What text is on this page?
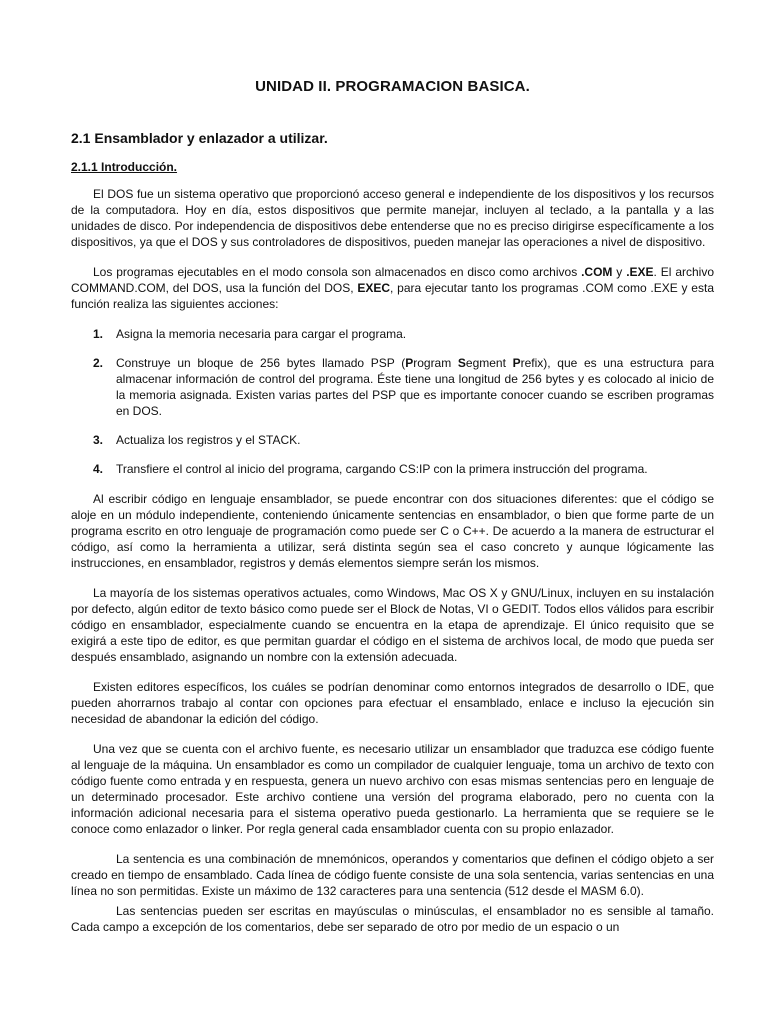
UNIDAD II. PROGRAMACION BASICA.
2.1 Ensamblador y enlazador a utilizar.
2.1.1 Introducción.

El DOS fue un sistema operativo que proporcionó acceso general e independiente de los dispositivos y los recursos de la computadora. Hoy en día, estos dispositivos que permite manejar, incluyen al teclado, a la pantalla y a las unidades de disco. Por independencia de dispositivos debe entenderse que no es preciso dirigirse específicamente a los dispositivos, ya que el DOS y sus controladores de dispositivos, pueden manejar las operaciones a nivel de dispositivo.

Los programas ejecutables en el modo consola son almacenados en disco como archivos .COM y .EXE. El archivo COMMAND.COM, del DOS, usa la función del DOS, EXEC, para ejecutar tanto los programas .COM como .EXE y esta función realiza las siguientes acciones:

1. Asigna la memoria necesaria para cargar el programa.
2. Construye un bloque de 256 bytes llamado PSP (Program Segment Prefix), que es una estructura para almacenar información de control del programa. Éste tiene una longitud de 256 bytes y es colocado al inicio de la memoria asignada. Existen varias partes del PSP que es importante conocer cuando se escriben programas en DOS.
3. Actualiza los registros y el STACK.
4. Transfiere el control al inicio del programa, cargando CS:IP con la primera instrucción del programa.

Al escribir código en lenguaje ensamblador, se puede encontrar con dos situaciones diferentes: que el código se aloje en un módulo independiente, conteniendo únicamente sentencias en ensamblador, o bien que forme parte de un programa escrito en otro lenguaje de programación como puede ser C o C++. De acuerdo a la manera de estructurar el código, así como la herramienta a utilizar, será distinta según sea el caso concreto y aunque lógicamente las instrucciones, en ensamblador, registros y demás elementos siempre serán los mismos.

La mayoría de los sistemas operativos actuales, como Windows, Mac OS X y GNU/Linux, incluyen en su instalación por defecto, algún editor de texto básico como puede ser el Block de Notas, VI o GEDIT. Todos ellos válidos para escribir código en ensamblador, especialmente cuando se encuentra en la etapa de aprendizaje. El único requisito que se exigirá a este tipo de editor, es que permitan guardar el código en el sistema de archivos local, de modo que pueda ser después ensamblado, asignando un nombre con la extensión adecuada.

Existen editores específicos, los cuáles se podrían denominar como entornos integrados de desarrollo o IDE, que pueden ahorrarnos trabajo al contar con opciones para efectuar el ensamblado, enlace e incluso la ejecución sin necesidad de abandonar la edición del código.

Una vez que se cuenta con el archivo fuente, es necesario utilizar un ensamblador que traduzca ese código fuente al lenguaje de la máquina. Un ensamblador es como un compilador de cualquier lenguaje, toma un archivo de texto con código fuente como entrada y en respuesta, genera un nuevo archivo con esas mismas sentencias pero en lenguaje de un determinado procesador. Este archivo contiene una versión del programa elaborado, pero no cuenta con la información adicional necesaria para el sistema operativo pueda gestionarlo. La herramienta que se requiere se le conoce como enlazador o linker. Por regla general cada ensamblador cuenta con su propio enlazador.

La sentencia es una combinación de mnemónicos, operandos y comentarios que definen el código objeto a ser creado en tiempo de ensamblado. Cada línea de código fuente consiste de una sola sentencia, varias sentencias en una línea no son permitidas. Existe un máximo de 132 caracteres para una sentencia (512 desde el MASM 6.0).

Las sentencias pueden ser escritas en mayúsculas o minúsculas, el ensamblador no es sensible al tamaño. Cada campo a excepción de los comentarios, debe ser separado de otro por medio de un espacio o un
